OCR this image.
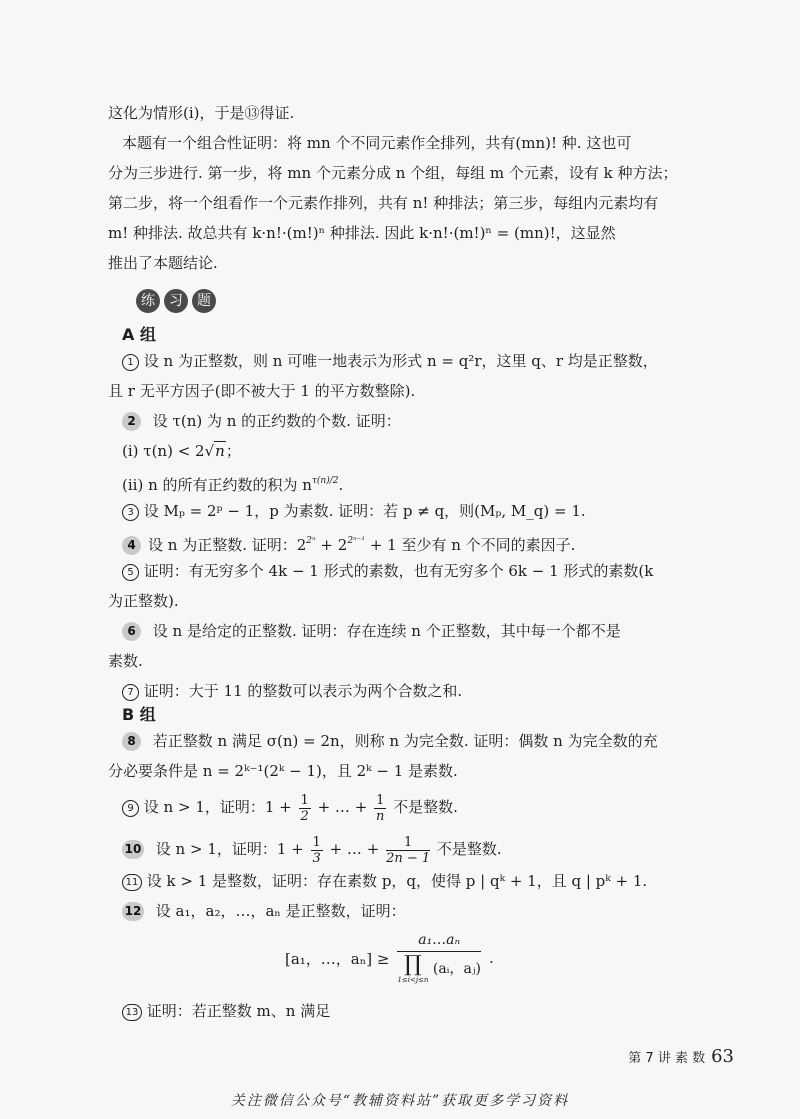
这化为情形(i)，于是⑬得证.

本题有一个组合性证明：将 mn 个不同元素作全排列，共有(mn)! 种. 这也可

分为三步进行. 第一步，将 mn 个元素分成 n 个组，每组 m 个元素，设有 k 种方法；

第二步，将一个组看作一个元素作排列，共有 n! 种排法；第三步，每组内元素均有

m! 种排法. 故总共有 k·n!·(m!)ⁿ 种排法. 因此 k·n!·(m!)ⁿ = (mn)!，这显然

推出了本题结论.

练	习	题
A 组

1 设 n 为正整数，则 n 可唯一地表示为形式 n = q²r，这里 q、r 均是正整数，

且 r 无平方因子(即不被大于 1 的平方数整除).

2 设 τ(n) 为 n 的正约数的个数. 证明：

(i) τ(n) < 2√n；

(ii) n 的所有正约数的积为 $n^{\tau(n)/2}$.

3 设 Mₚ = 2ᵖ − 1，p 为素数. 证明：若 p ≠ q，则(Mₚ, M_q) = 1.

4 设 n 为正整数. 证明：$2^{2^n} + 2^{2^{n-1}} + 1$ 至少有 n 个不同的素因子.

5 证明：有无穷多个 4k − 1 形式的素数，也有无穷多个 6k − 1 形式的素数(k

为正整数).

6 设 n 是给定的正整数. 证明：存在连续 n 个正整数，其中每一个都不是

素数.

7 证明：大于 11 的整数可以表示为两个合数之和.

B 组

8 若正整数 n 满足 σ(n) = 2n，则称 n 为完全数. 证明：偶数 n 为完全数的充

分必要条件是 n = 2ᵏ⁻¹(2ᵏ − 1)，且 2ᵏ − 1 是素数.

9 设 n > 1，证明：$1 + \frac{1}{2}$ + … + $\frac{1}{n}$ 不是整数.

10 设 n > 1，证明：$1 + \frac{1}{3}$ + … + $\frac{1}{2n - 1}$ 不是整数.

11 设 k > 1 是整数，证明：存在素数 p，q，使得 p | qᵏ + 1，且 q | pᵏ + 1.

12 设 a₁，a₂，…，aₙ 是正整数，证明：

[a₁，…，aₙ] ≥ a₁…aₙ
∏
1≤i<j≤n
(aᵢ，aⱼ) .

13 证明：若正整数 m、n 满足

第 7 讲 素 数 63
关注微信公众号“教辅资料站”获取更多学习资料
